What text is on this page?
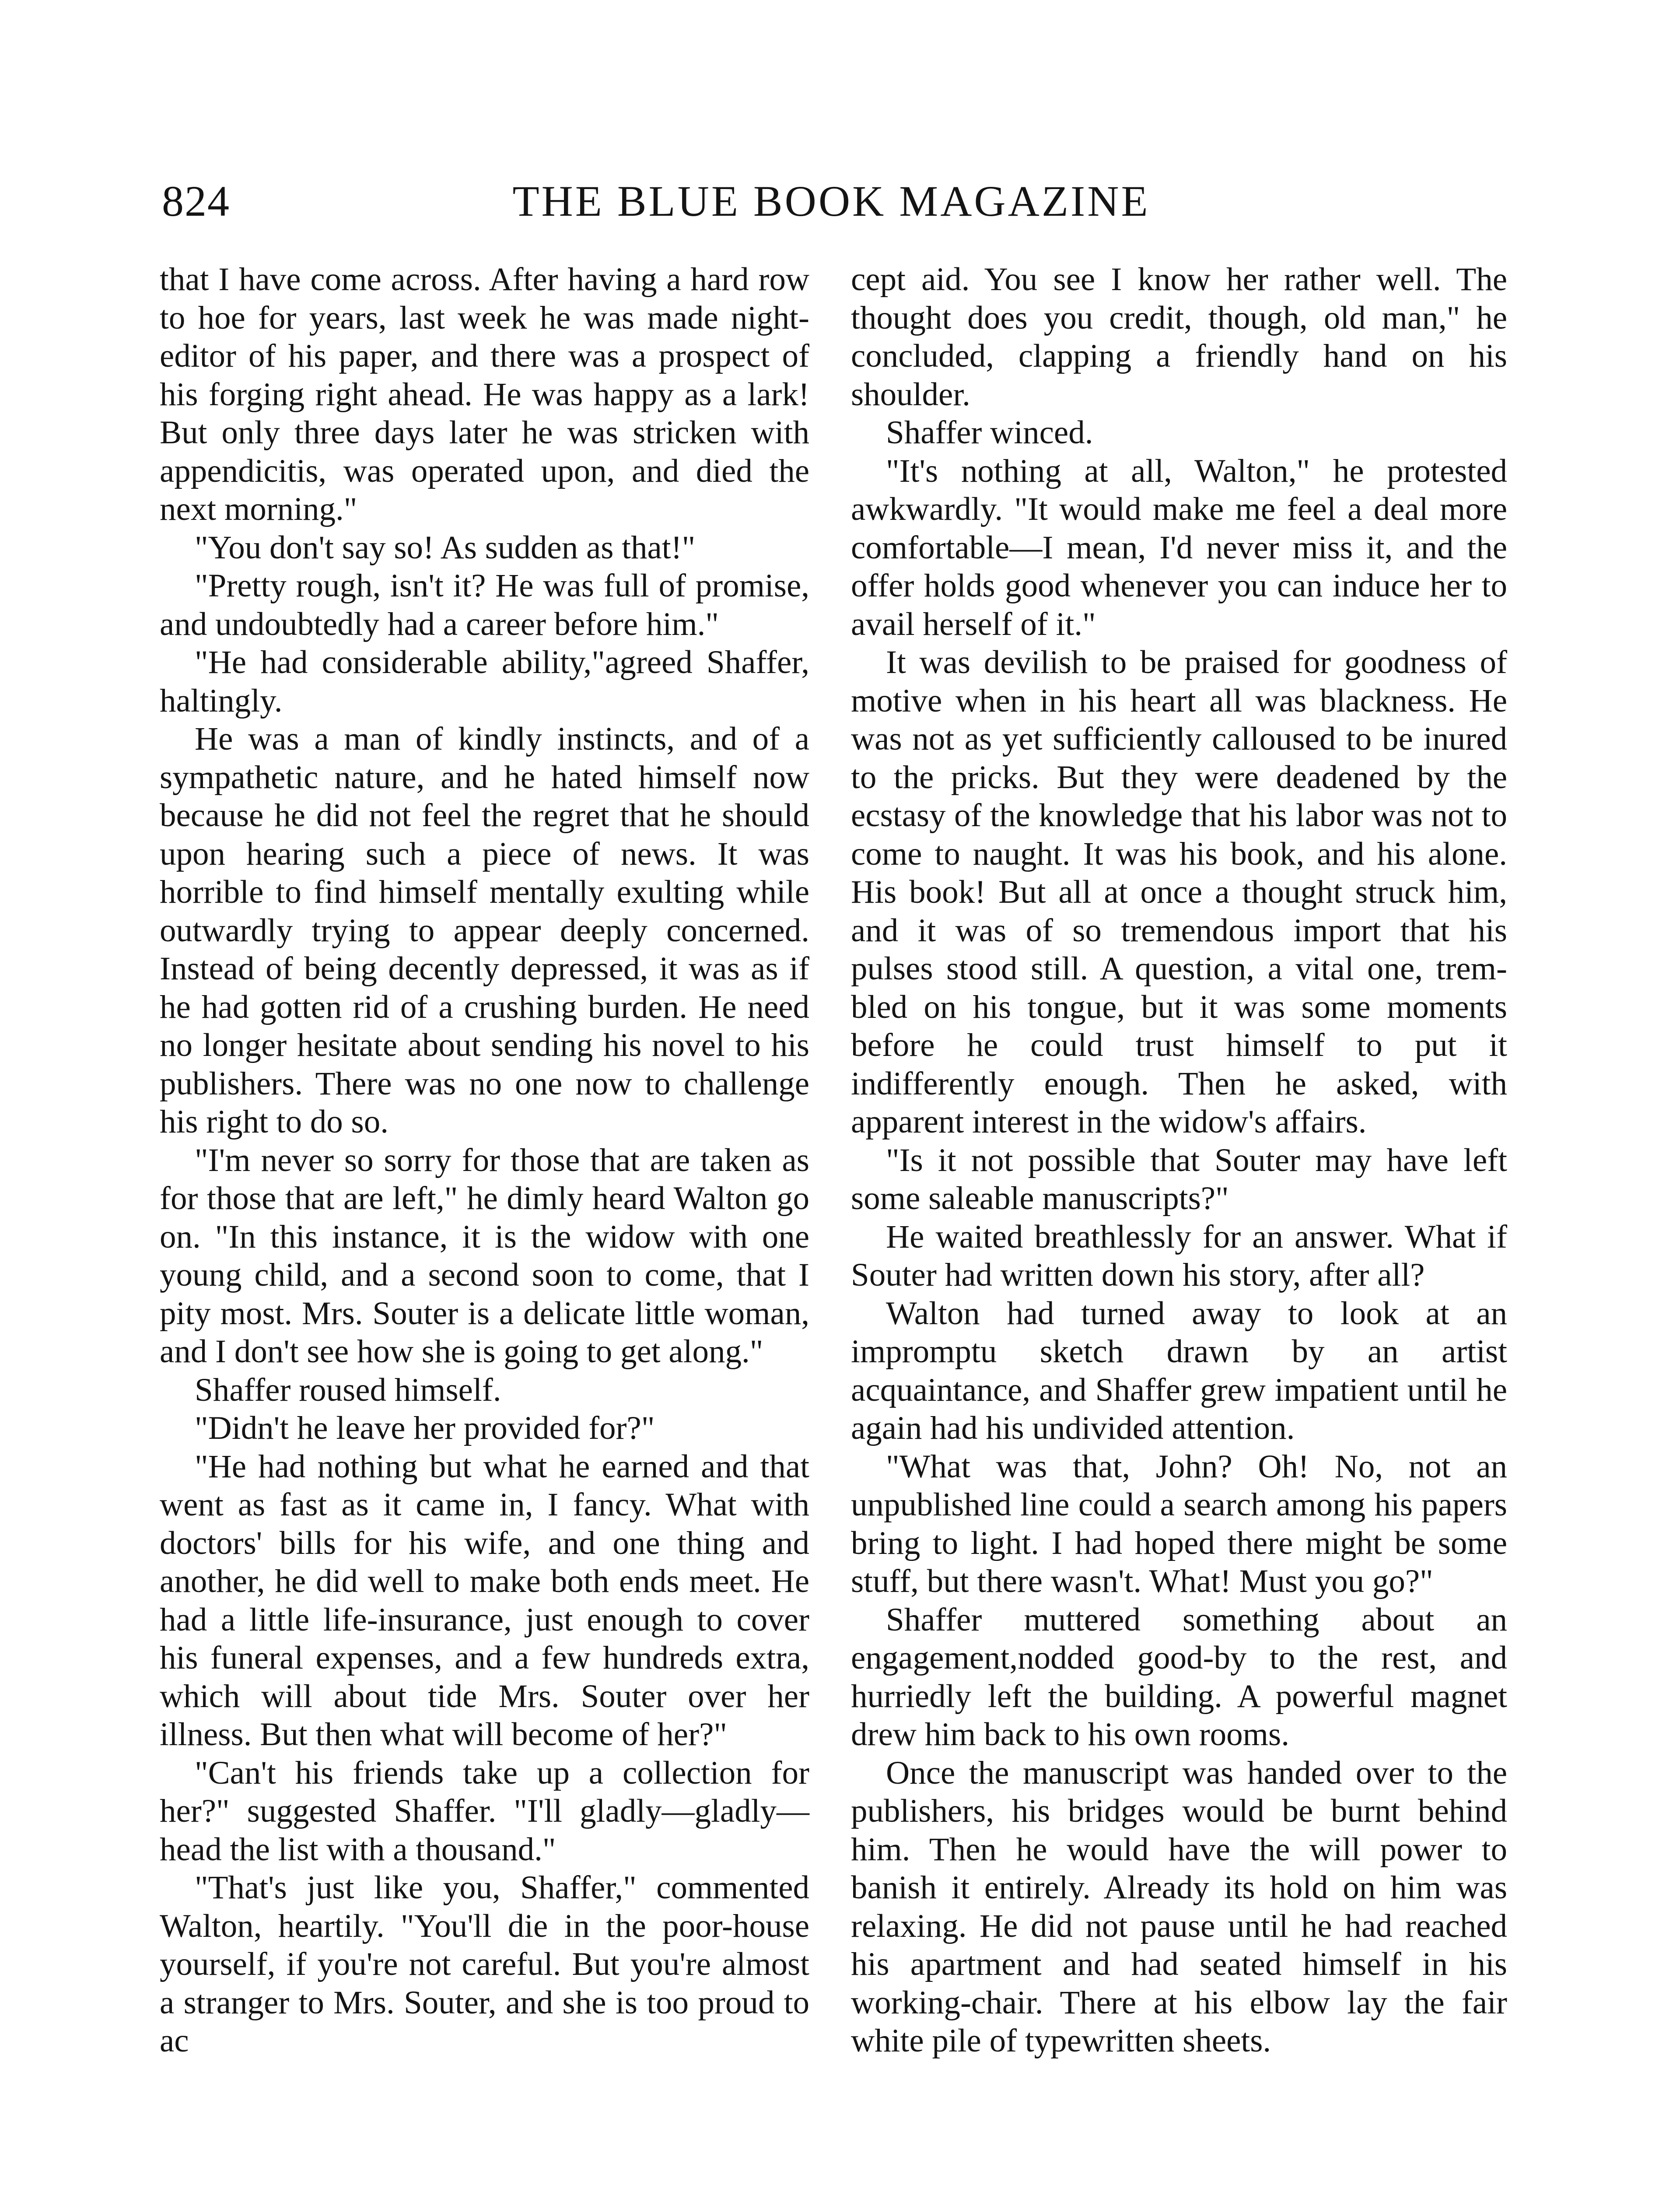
824	THE BLUE BOOK MAGAZINE

that I have come across. After having a hard row to hoe for years, last week he was made night-editor of his paper, and there was a prospect of his forging right ahead. He was happy as a lark! But only three days later he was stricken with appendicitis, was operated upon, and died the next morning."

"You don't say so! As sudden as that!"

"Pretty rough, isn't it? He was full of promise, and undoubtedly had a career before him."

"He had considerable ability,"agreed Shaffer, haltingly.

He was a man of kindly instincts, and of a sympathetic nature, and he hated himself now because he did not feel the regret that he should upon hearing such a piece of news. It was horrible to find himself mentally exulting while outwardly trying to appear deeply concerned. Instead of being decently depressed, it was as if he had gotten rid of a crushing burden. He need no longer hesitate about sending his novel to his publishers. There was no one now to challenge his right to do so.

"I'm never so sorry for those that are taken as for those that are left," he dimly heard Walton go on. "In this instance, it is the widow with one young child, and a second soon to come, that I pity most. Mrs. Souter is a delicate little woman, and I don't see how she is going to get along."

Shaffer roused himself.

"Didn't he leave her provided for?"

"He had nothing but what he earned and that went as fast as it came in, I fancy. What with doctors' bills for his wife, and one thing and another, he did well to make both ends meet. He had a little life-insurance, just enough to cover his funeral expenses, and a few hundreds extra, which will about tide Mrs. Souter over her illness. But then what will become of her?"

"Can't his friends take up a collection for her?" suggested Shaffer. "I'll gladly—gladly—head the list with a thousand."

"That's just like you, Shaffer," commented Walton, heartily. "You'll die in the poor-house yourself, if you're not careful. But you're almost a stranger to Mrs. Souter, and she is too proud to ac

cept aid. You see I know her rather well. The thought does you credit, though, old man," he concluded, clapping a friendly hand on his shoulder.

Shaffer winced.

"It's nothing at all, Walton," he protested awkwardly. "It would make me feel a deal more comfortable—I mean, I'd never miss it, and the offer holds good whenever you can induce her to avail herself of it."

It was devilish to be praised for goodness of motive when in his heart all was blackness. He was not as yet sufficiently calloused to be inured to the pricks. But they were deadened by the ecstasy of the knowledge that his labor was not to come to naught. It was his book, and his alone. His book! But all at once a thought struck him, and it was of so tremendous import that his pulses stood still. A question, a vital one, trembled on his tongue, but it was some moments before he could trust himself to put it indifferently enough. Then he asked, with apparent interest in the widow's affairs.

"Is it not possible that Souter may have left some saleable manuscripts?"

He waited breathlessly for an answer. What if Souter had written down his story, after all?

Walton had turned away to look at an impromptu sketch drawn by an artist acquaintance, and Shaffer grew impatient until he again had his undivided attention.

"What was that, John? Oh! No, not an unpublished line could a search among his papers bring to light. I had hoped there might be some stuff, but there wasn't. What! Must you go?"

Shaffer muttered something about an engagement,nodded good-by to the rest, and hurriedly left the building. A powerful magnet drew him back to his own rooms.

Once the manuscript was handed over to the publishers, his bridges would be burnt behind him. Then he would have the will power to banish it entirely. Already its hold on him was relaxing. He did not pause until he had reached his apartment and had seated himself in his working-chair. There at his elbow lay the fair white pile of typewritten sheets.
